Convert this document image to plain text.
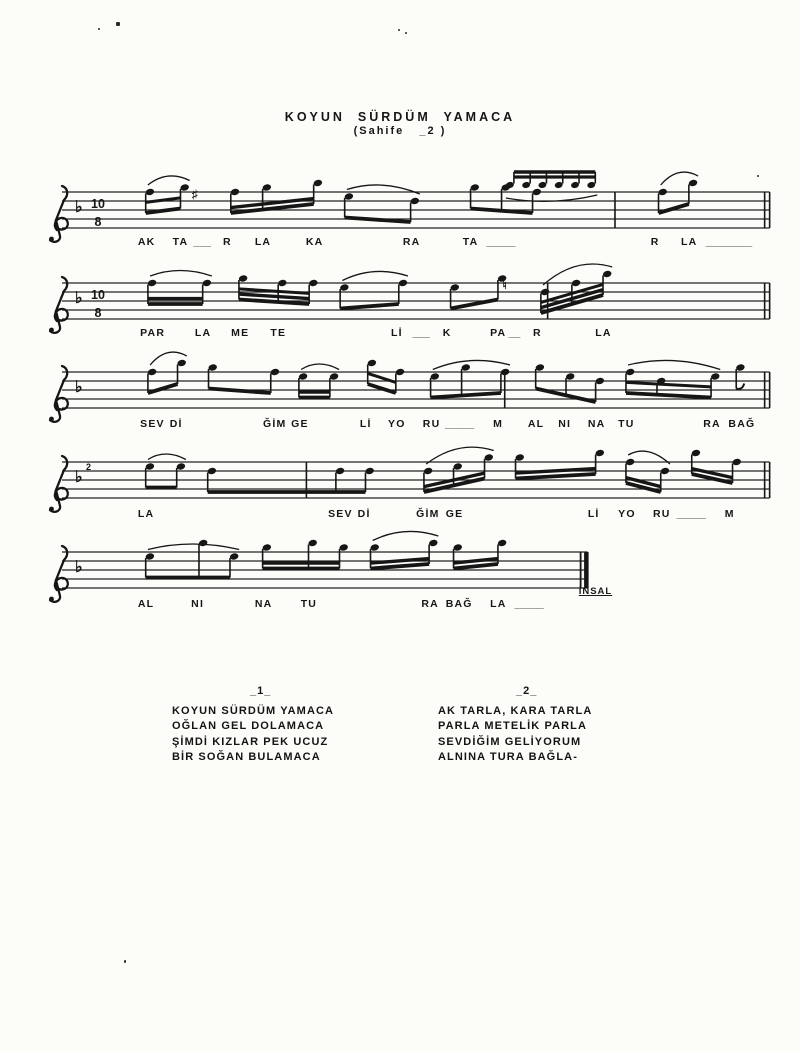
KOYUN  SÜRDÜM  YAMACA
(Sahife   _2 )
_1_
KOYUN SÜRDÜM YAMACA
OĞLAN GEL DOLAMACA
ŞİMDİ KIZLAR PEK UCUZ
BİR SOĞAN BULAMACA
_2_
AK TARLA, KARA TARLA
PARLA METELİK PARLA
SEVDİĞİM GELİYORUM
ALNINA TURA BAĞLA-
♭ 10
8
♯
AK TA ___ R LA	KA	RA	TA _____	R LA ________
♭ 10
8
♮
PAR	LA ME TE	Lİ ___ K	PA __ R	LA
♭
SEV Dİ	ĞİM GE	Lİ YO RU _____ M AL NI NA TU	RA BAĞ
♭
2
LA	SEV Dİ	ĞİM GE	Lİ YO RU _____ M
♭
AL	NI	NA	TU	RA BAĞ LA _____
İNSAL
